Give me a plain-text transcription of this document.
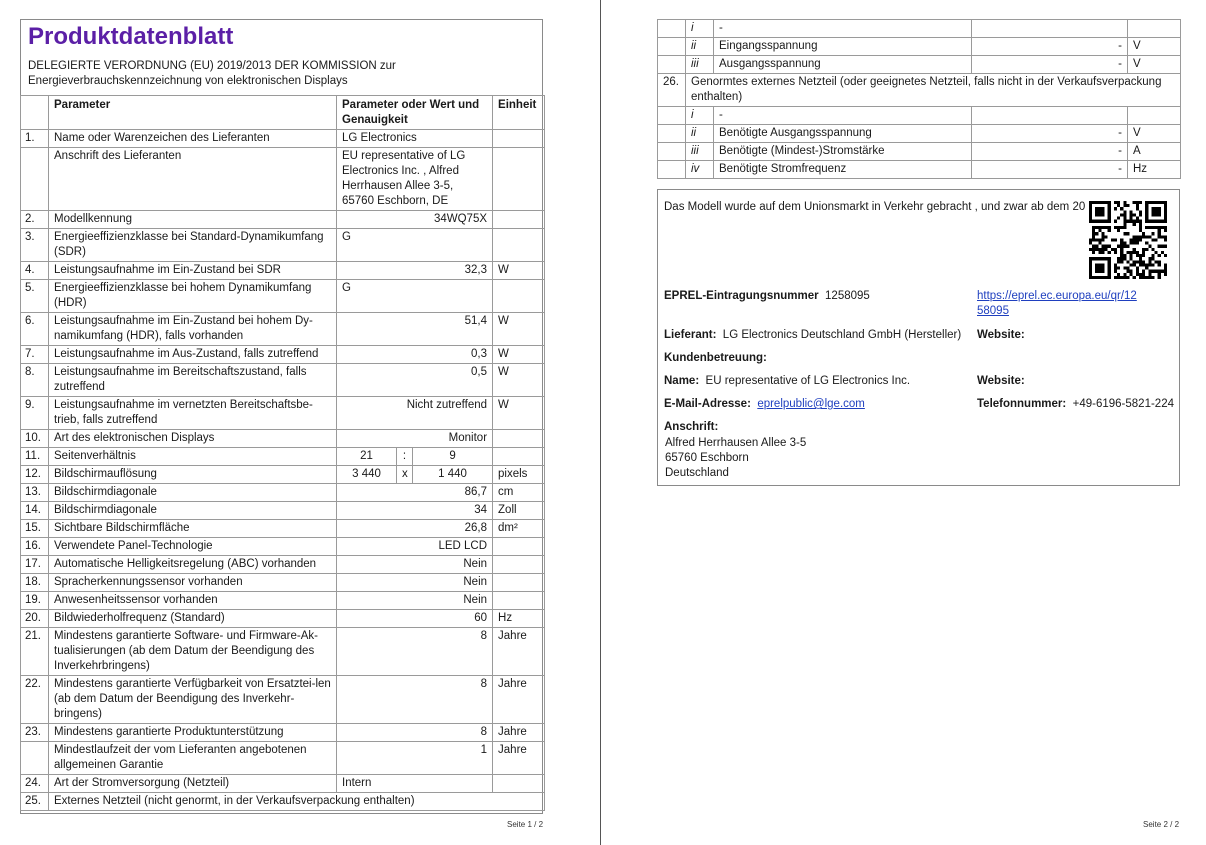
Produktdatenblatt
DELEGIERTE VERORDNUNG (EU) 2019/2013 DER KOMMISSION zur
Energieverbrauchskennzeichnung von elektronischen Displays
	Parameter	Parameter oder Wert und Genauigkeit			Einheit
1.	Name oder Warenzeichen des Lieferanten	LG Electronics			
	Anschrift des Lieferanten	EU representative of LG Electronics Inc. , Alfred Herrhausen Allee 3-5, 65760 Eschborn, DE			
2.	Modellkennung	34WQ75X			
3.	Energieeffizienzklasse bei Standard-Dynamikumfang (SDR)	G			
4.	Leistungsaufnahme im Ein-Zustand bei SDR	32,3			W
5.	Energieeffizienzklasse bei hohem Dynamikumfang (HDR)	G			
6.	Leistungsaufnahme im Ein-Zustand bei hohem Dy-namikumfang (HDR), falls vorhanden	51,4			W
7.	Leistungsaufnahme im Aus-Zustand, falls zutreffend	0,3			W
8.	Leistungsaufnahme im Bereitschaftszustand, falls zutreffend	0,5			W
9.	Leistungsaufnahme im vernetzten Bereitschaftsbe-trieb, falls zutreffend	Nicht zutreffend			W
10.	Art des elektronischen Displays	Monitor			
11.	Seitenverhältnis	21	:	9	
12.	Bildschirmauflösung	3 440	x	1 440	pixels
13.	Bildschirmdiagonale	86,7			cm
14.	Bildschirmdiagonale	34			Zoll
15.	Sichtbare Bildschirmfläche	26,8			dm²
16.	Verwendete Panel-Technologie	LED LCD			
17.	Automatische Helligkeitsregelung (ABC) vorhanden	Nein			
18.	Spracherkennungssensor vorhanden	Nein			
19.	Anwesenheitssensor vorhanden	Nein			
20.	Bildwiederholfrequenz (Standard)	60			Hz
21.	Mindestens garantierte Software- und Firmware-Ak-tualisierungen (ab dem Datum der Beendigung des Inverkehrbringens)	8			Jahre
22.	Mindestens garantierte Verfügbarkeit von Ersatztei-len (ab dem Datum der Beendigung des Inverkehr-bringens)	8			Jahre
23.	Mindestens garantierte Produktunterstützung	8			Jahre
	Mindestlaufzeit der vom Lieferanten angebotenen allgemeinen Garantie	1			Jahre
24.	Art der Stromversorgung (Netzteil)	Intern			
25.	Externes Netzteil (nicht genormt, in der Verkaufsverpackung enthalten)				
Seite 1 / 2
	i	-		
	ii	Eingangsspannung	-	V
	iii	Ausgangsspannung	-	V
26.	Genormtes externes Netzteil (oder geeignetes Netzteil, falls nicht in der Verkaufsverpackung enthalten)			
	i	-		
	ii	Benötigte Ausgangsspannung	-	V
	iii	Benötigte (Mindest-)Stromstärke	-	A
	iv	Benötigte Stromfrequenz	-	Hz
Das Modell wurde auf dem Unionsmarkt in Verkehr gebracht , und zwar ab dem 20
EPREL-Eintragungsnummer 1258095	https://eprel.ec.europa.eu/qr/12
58095
Lieferant: LG Electronics Deutschland GmbH (Hersteller) Website:
Kundenbetreuung:
Name: EU representative of LG Electronics Inc.	Website:
E-Mail-Adresse: eprelpublic@lge.com	Telefonnummer: +49-6196-5821-224
Anschrift:
Alfred Herrhausen Allee 3-5
65760 Eschborn
Deutschland
Seite 2 / 2
